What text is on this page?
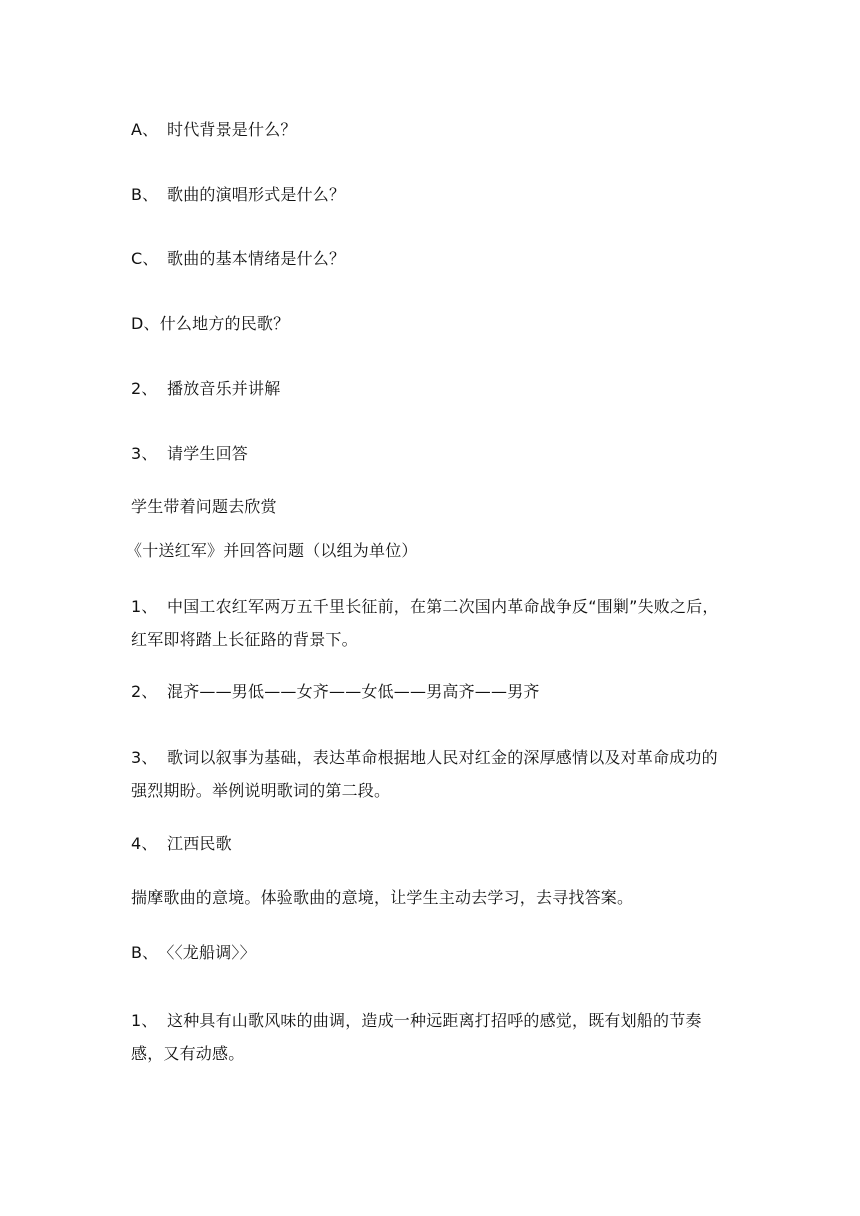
A、 时代背景是什么？
B、 歌曲的演唱形式是什么？
C、 歌曲的基本情绪是什么？
D、什么地方的民歌？
2、 播放音乐并讲解
3、 请学生回答
学生带着问题去欣赏
《十送红军》并回答问题（以组为单位）
1、 中国工农红军两万五千里长征前，在第二次国内革命战争反“围剿”失败之后，红军即将踏上长征路的背景下。
2、 混齐——男低——女齐——女低——男高齐——男齐
3、 歌词以叙事为基础，表达革命根据地人民对红金的深厚感情以及对革命成功的强烈期盼。举例说明歌词的第二段。
4、 江西民歌
揣摩歌曲的意境。体验歌曲的意境，让学生主动去学习，去寻找答案。
B、〈〈龙船调〉〉
1、 这种具有山歌风味的曲调，造成一种远距离打招呼的感觉，既有划船的节奏感，又有动感。
